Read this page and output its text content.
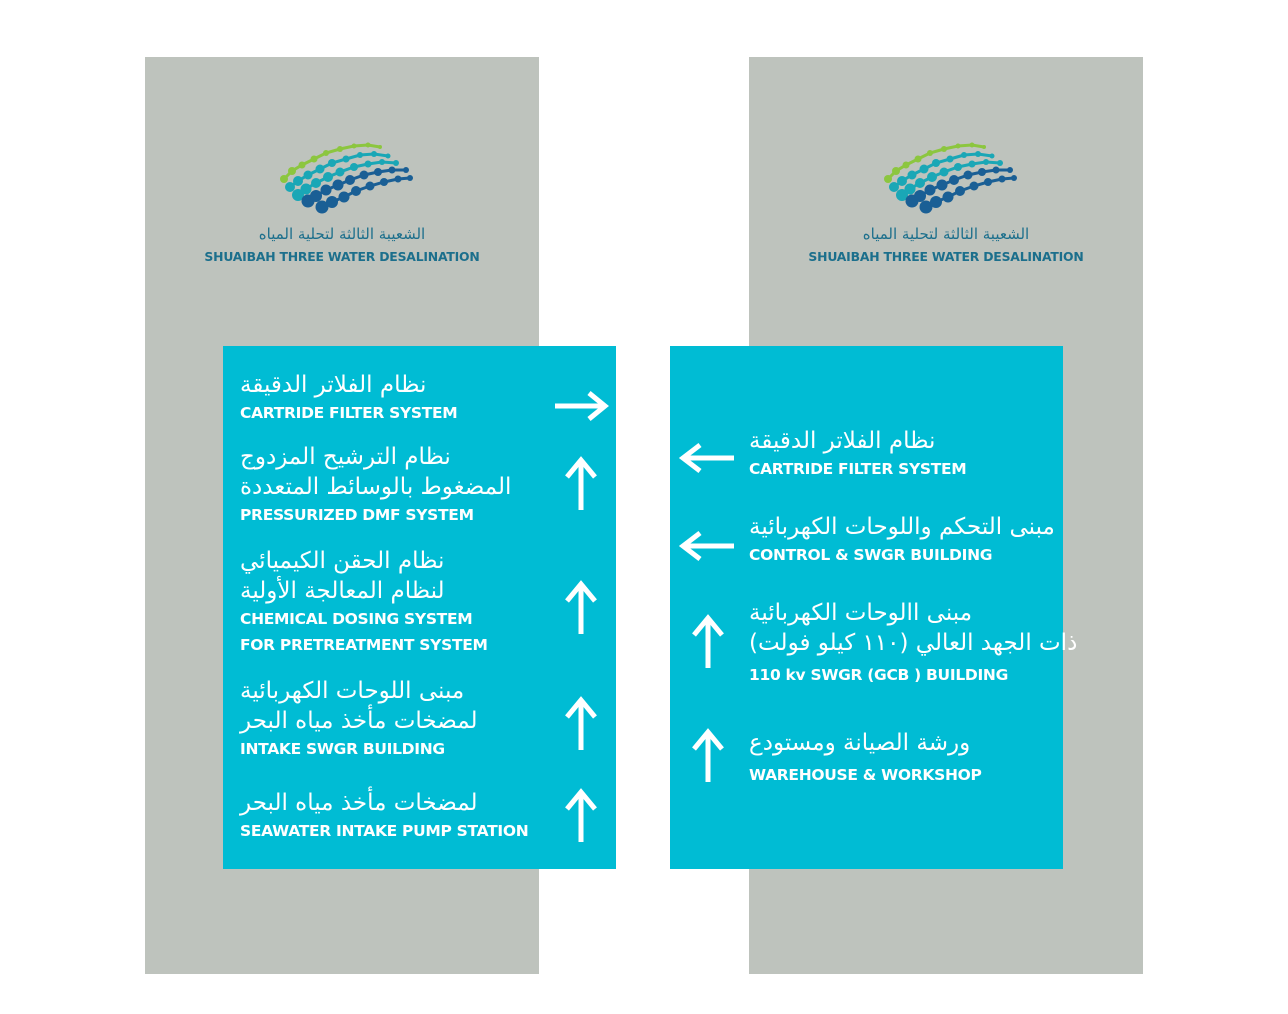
الشعيبة الثالثة لتحلية المياه
SHUAIBAH THREE WATER DESALINATION
الشعيبة الثالثة لتحلية المياه
SHUAIBAH THREE WATER DESALINATION
نظام الفلاتر الدقيقة
CARTRIDE FILTER SYSTEM
نظام الترشيح المزدوج
المضغوط بالوسائط المتعددة
PRESSURIZED DMF SYSTEM
نظام الحقن الكيميائي
لنظام المعالجة الأولية
CHEMICAL DOSING SYSTEM
FOR PRETREATMENT SYSTEM
مبنى اللوحات الكهربائية
لمضخات مأخذ مياه البحر
INTAKE SWGR BUILDING
لمضخات مأخذ مياه البحر
SEAWATER INTAKE PUMP STATION
نظام الفلاتر الدقيقة
CARTRIDE FILTER SYSTEM
مبنى التحكم واللوحات الكهربائية
CONTROL & SWGR BUILDING
مبنى االوحات الكهربائية
ذات الجهد العالي (١١٠ كيلو فولت)
110 kv SWGR (GCB ) BUILDING
ورشة الصيانة ومستودع
WAREHOUSE & WORKSHOP
